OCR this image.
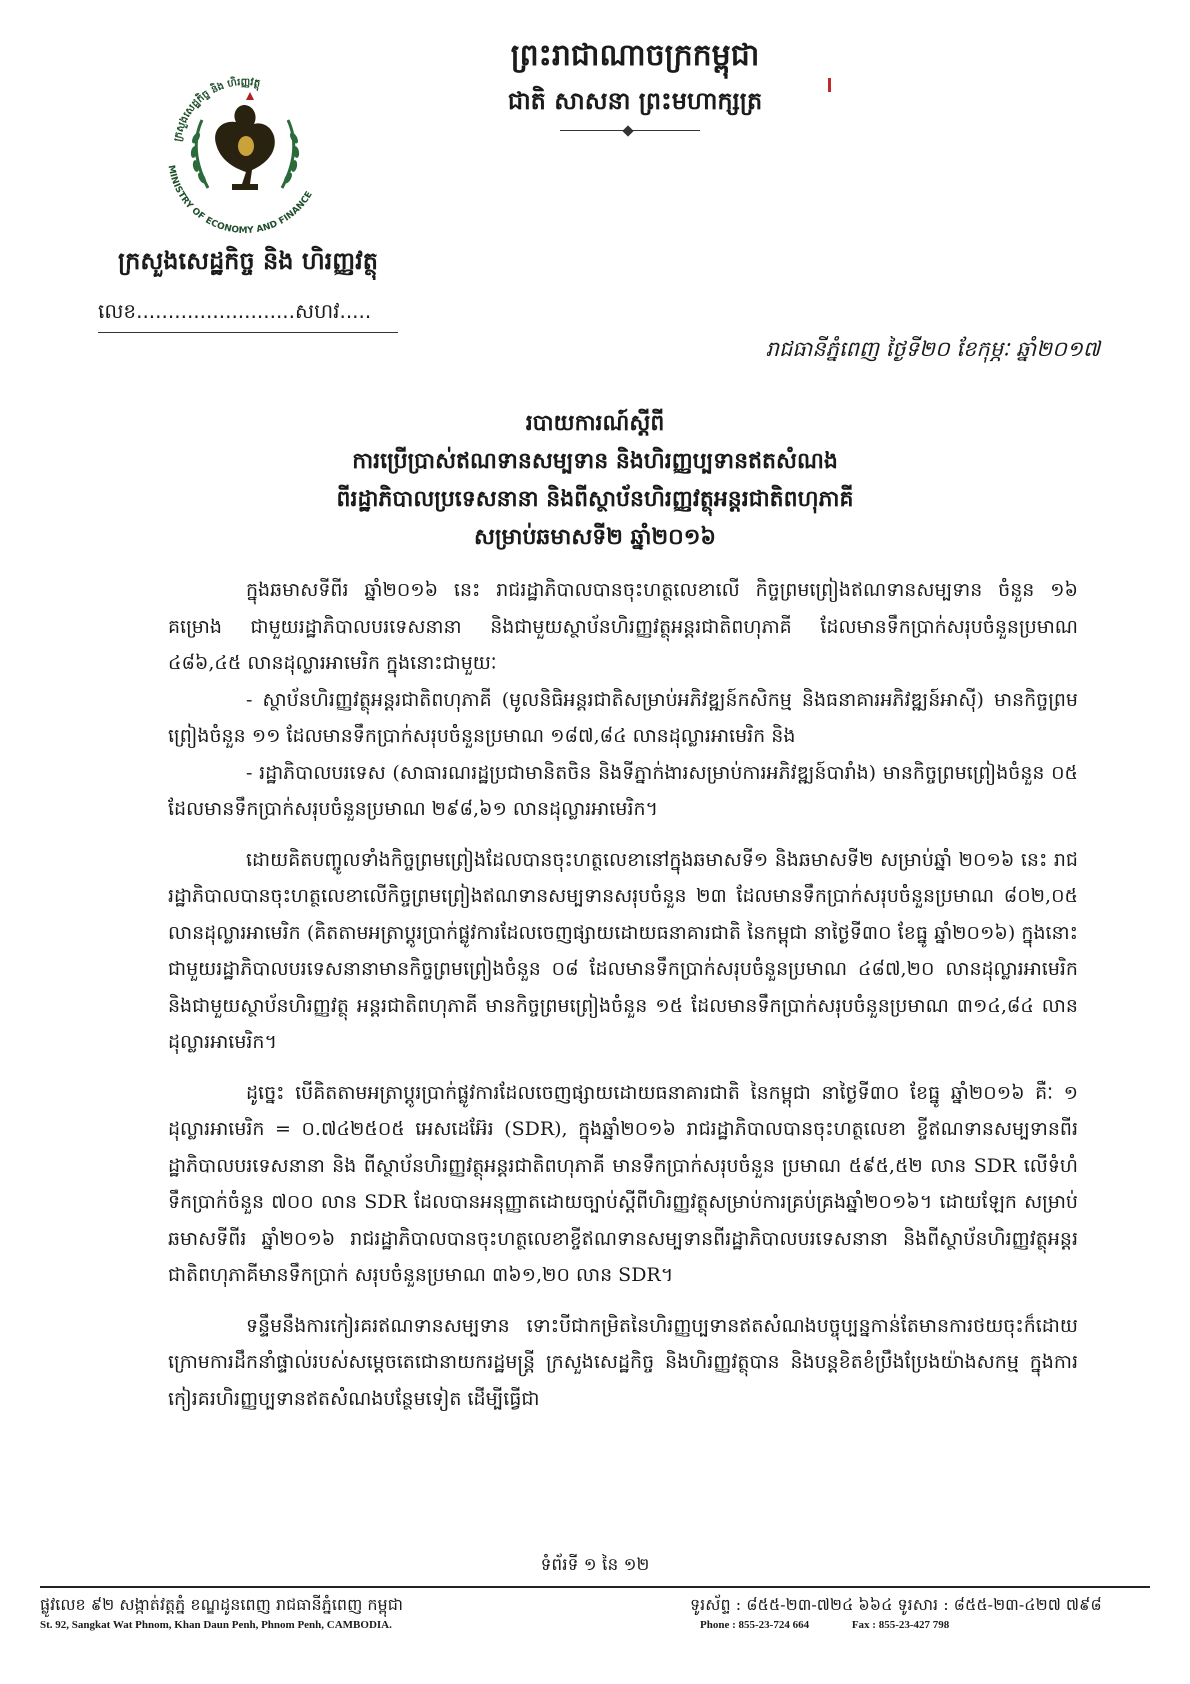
MINISTRY OF ECONOMY AND FINANCE
ក្រសួងសេដ្ឋកិច្ច និង ហិរញ្ញវត្ថុ
ព្រះរាជាណាចក្រកម្ពុជា
ជាតិ សាសនា ព្រះមហាក្សត្រ
ក្រសួងសេដ្ឋកិច្ច និង ហិរញ្ញវត្ថុ
លេខ.........................សហវ.....
រាជធានីភ្នំពេញ ថ្ងៃទី២០ ខែកុម្ភៈ ឆ្នាំ២០១៧
របាយការណ៍ស្តីពី
ការប្រើប្រាស់ឥណទានសម្បទាន និងហិរញ្ញប្បទានឥតសំណង
ពីរដ្ឋាភិបាលប្រទេសនានា និងពីស្ថាប័នហិរញ្ញវត្ថុអន្តរជាតិពហុភាគី
សម្រាប់ឆមាសទី២ ឆ្នាំ២០១៦

ក្នុងឆមាសទីពីរ ឆ្នាំ២០១៦ នេះ រាជរដ្ឋាភិបាលបានចុះហត្ថលេខាលើ កិច្ចព្រមព្រៀងឥណទានសម្បទាន ចំនួន ១៦ គម្រោង ជាមួយរដ្ឋាភិបាលបរទេសនានា និងជាមួយស្ថាប័នហិរញ្ញវត្ថុអន្តរជាតិពហុភាគី ដែលមានទឹកប្រាក់សរុបចំនួនប្រមាណ ៤៨៦,៤៥ លានដុល្លារអាមេរិក ក្នុងនោះជាមួយៈ

- ស្ថាប័នហិរញ្ញវត្ថុអន្តរជាតិពហុភាគី (មូលនិធិអន្តរជាតិសម្រាប់អភិវឌ្ឍន៍កសិកម្ម និងធនាគារអភិវឌ្ឍន៍អាស៊ី) មានកិច្ចព្រមព្រៀងចំនួន ១១ ដែលមានទឹកប្រាក់សរុបចំនួនប្រមាណ ១៨៧,៨៤ លានដុល្លារអាមេរិក និង

- រដ្ឋាភិបាលបរទេស (សាធារណរដ្ឋប្រជាមានិតចិន និងទីភ្នាក់ងារសម្រាប់ការអភិវឌ្ឍន៍បារាំង) មានកិច្ចព្រមព្រៀងចំនួន ០៥ ដែលមានទឹកប្រាក់សរុបចំនួនប្រមាណ ២៩៨,៦១ លានដុល្លារអាមេរិក។

ដោយគិតបញ្ចូលទាំងកិច្ចព្រមព្រៀងដែលបានចុះហត្ថលេខានៅក្នុងឆមាសទី១ និងឆមាសទី២ សម្រាប់ឆ្នាំ ២០១៦ នេះ រាជរដ្ឋាភិបាលបានចុះហត្ថលេខាលើកិច្ចព្រមព្រៀងឥណទានសម្បទានសរុបចំនួន ២៣ ដែលមានទឹកប្រាក់សរុបចំនួនប្រមាណ ៨០២,០៥ លានដុល្លារអាមេរិក (គិតតាមអត្រាប្តូរប្រាក់ផ្លូវការដែលចេញផ្សាយដោយធនាគារជាតិ នៃកម្ពុជា នាថ្ងៃទី៣០ ខែធ្នូ ឆ្នាំ២០១៦) ក្នុងនោះ ជាមួយរដ្ឋាភិបាលបរទេសនានាមានកិច្ចព្រមព្រៀងចំនួន ០៨ ដែលមានទឹកប្រាក់សរុបចំនួនប្រមាណ ៤៨៧,២០ លានដុល្លារអាមេរិក និងជាមួយស្ថាប័នហិរញ្ញវត្ថុ អន្តរជាតិពហុភាគី មានកិច្ចព្រមព្រៀងចំនួន ១៥ ដែលមានទឹកប្រាក់សរុបចំនួនប្រមាណ ៣១៤,៨៤ លានដុល្លារអាមេរិក។

ដូច្នេះ បើគិតតាមអត្រាប្តូរប្រាក់ផ្លូវការដែលចេញផ្សាយដោយធនាគារជាតិ នៃកម្ពុជា នាថ្ងៃទី៣០ ខែធ្នូ ឆ្នាំ២០១៦ គឺៈ ១ ដុល្លារអាមេរិក = ០.៧៤២៥០៥ អេសដេអ៊ែរ (SDR), ក្នុងឆ្នាំ២០១៦ រាជរដ្ឋាភិបាលបានចុះហត្ថលេខា ខ្ចីឥណទានសម្បទានពីរដ្ឋាភិបាលបរទេសនានា និង ពីស្ថាប័នហិរញ្ញវត្ថុអន្តរជាតិពហុភាគី មានទឹកប្រាក់សរុបចំនួន ប្រមាណ ៥៩៥,៥២ លាន SDR លើទំហំទឹកប្រាក់ចំនួន ៧០០ លាន SDR ដែលបានអនុញ្ញាតដោយច្បាប់ស្តីពីហិរញ្ញវត្ថុសម្រាប់ការគ្រប់គ្រងឆ្នាំ២០១៦។ ដោយឡែក សម្រាប់ឆមាសទីពីរ ឆ្នាំ២០១៦ រាជរដ្ឋាភិបាលបានចុះហត្ថលេខាខ្ចីឥណទានសម្បទានពីរដ្ឋាភិបាលបរទេសនានា និងពីស្ថាប័នហិរញ្ញវត្ថុអន្តរជាតិពហុភាគីមានទឹកប្រាក់ សរុបចំនួនប្រមាណ ៣៦១,២០ លាន SDR។

ទន្ទឹមនឹងការកៀរគរឥណទានសម្បទាន ទោះបីជាកម្រិតនៃហិរញ្ញប្បទានឥតសំណងបច្ចុប្បន្នកាន់តែមានការថយចុះក៏ដោយ ក្រោមការដឹកនាំផ្ទាល់របស់សម្តេចតេជោនាយករដ្ឋមន្ត្រី ក្រសួងសេដ្ឋកិច្ច និងហិរញ្ញវត្ថុបាន និងបន្តខិតខំប្រឹងប្រែងយ៉ាងសកម្ម ក្នុងការកៀរគរហិរញ្ញប្បទានឥតសំណងបន្ថែមទៀត ដើម្បីធ្វើជា

ទំព័រទី ១ នៃ ១២
ផ្លូវលេខ ៩២ សង្កាត់វត្តភ្នំ ខណ្ឌដូនពេញ រាជធានីភ្នំពេញ កម្ពុជា
St. 92, Sangkat Wat Phnom, Khan Daun Penh, Phnom Penh, CAMBODIA.
ទូរស័ព្ទ : ៨៥៥-២៣-៧២៤ ៦៦៤ ទូរសារ : ៨៥៥-២៣-៤២៧ ៧៩៨
Phone : 855-23-724 664	Fax : 855-23-427 798
